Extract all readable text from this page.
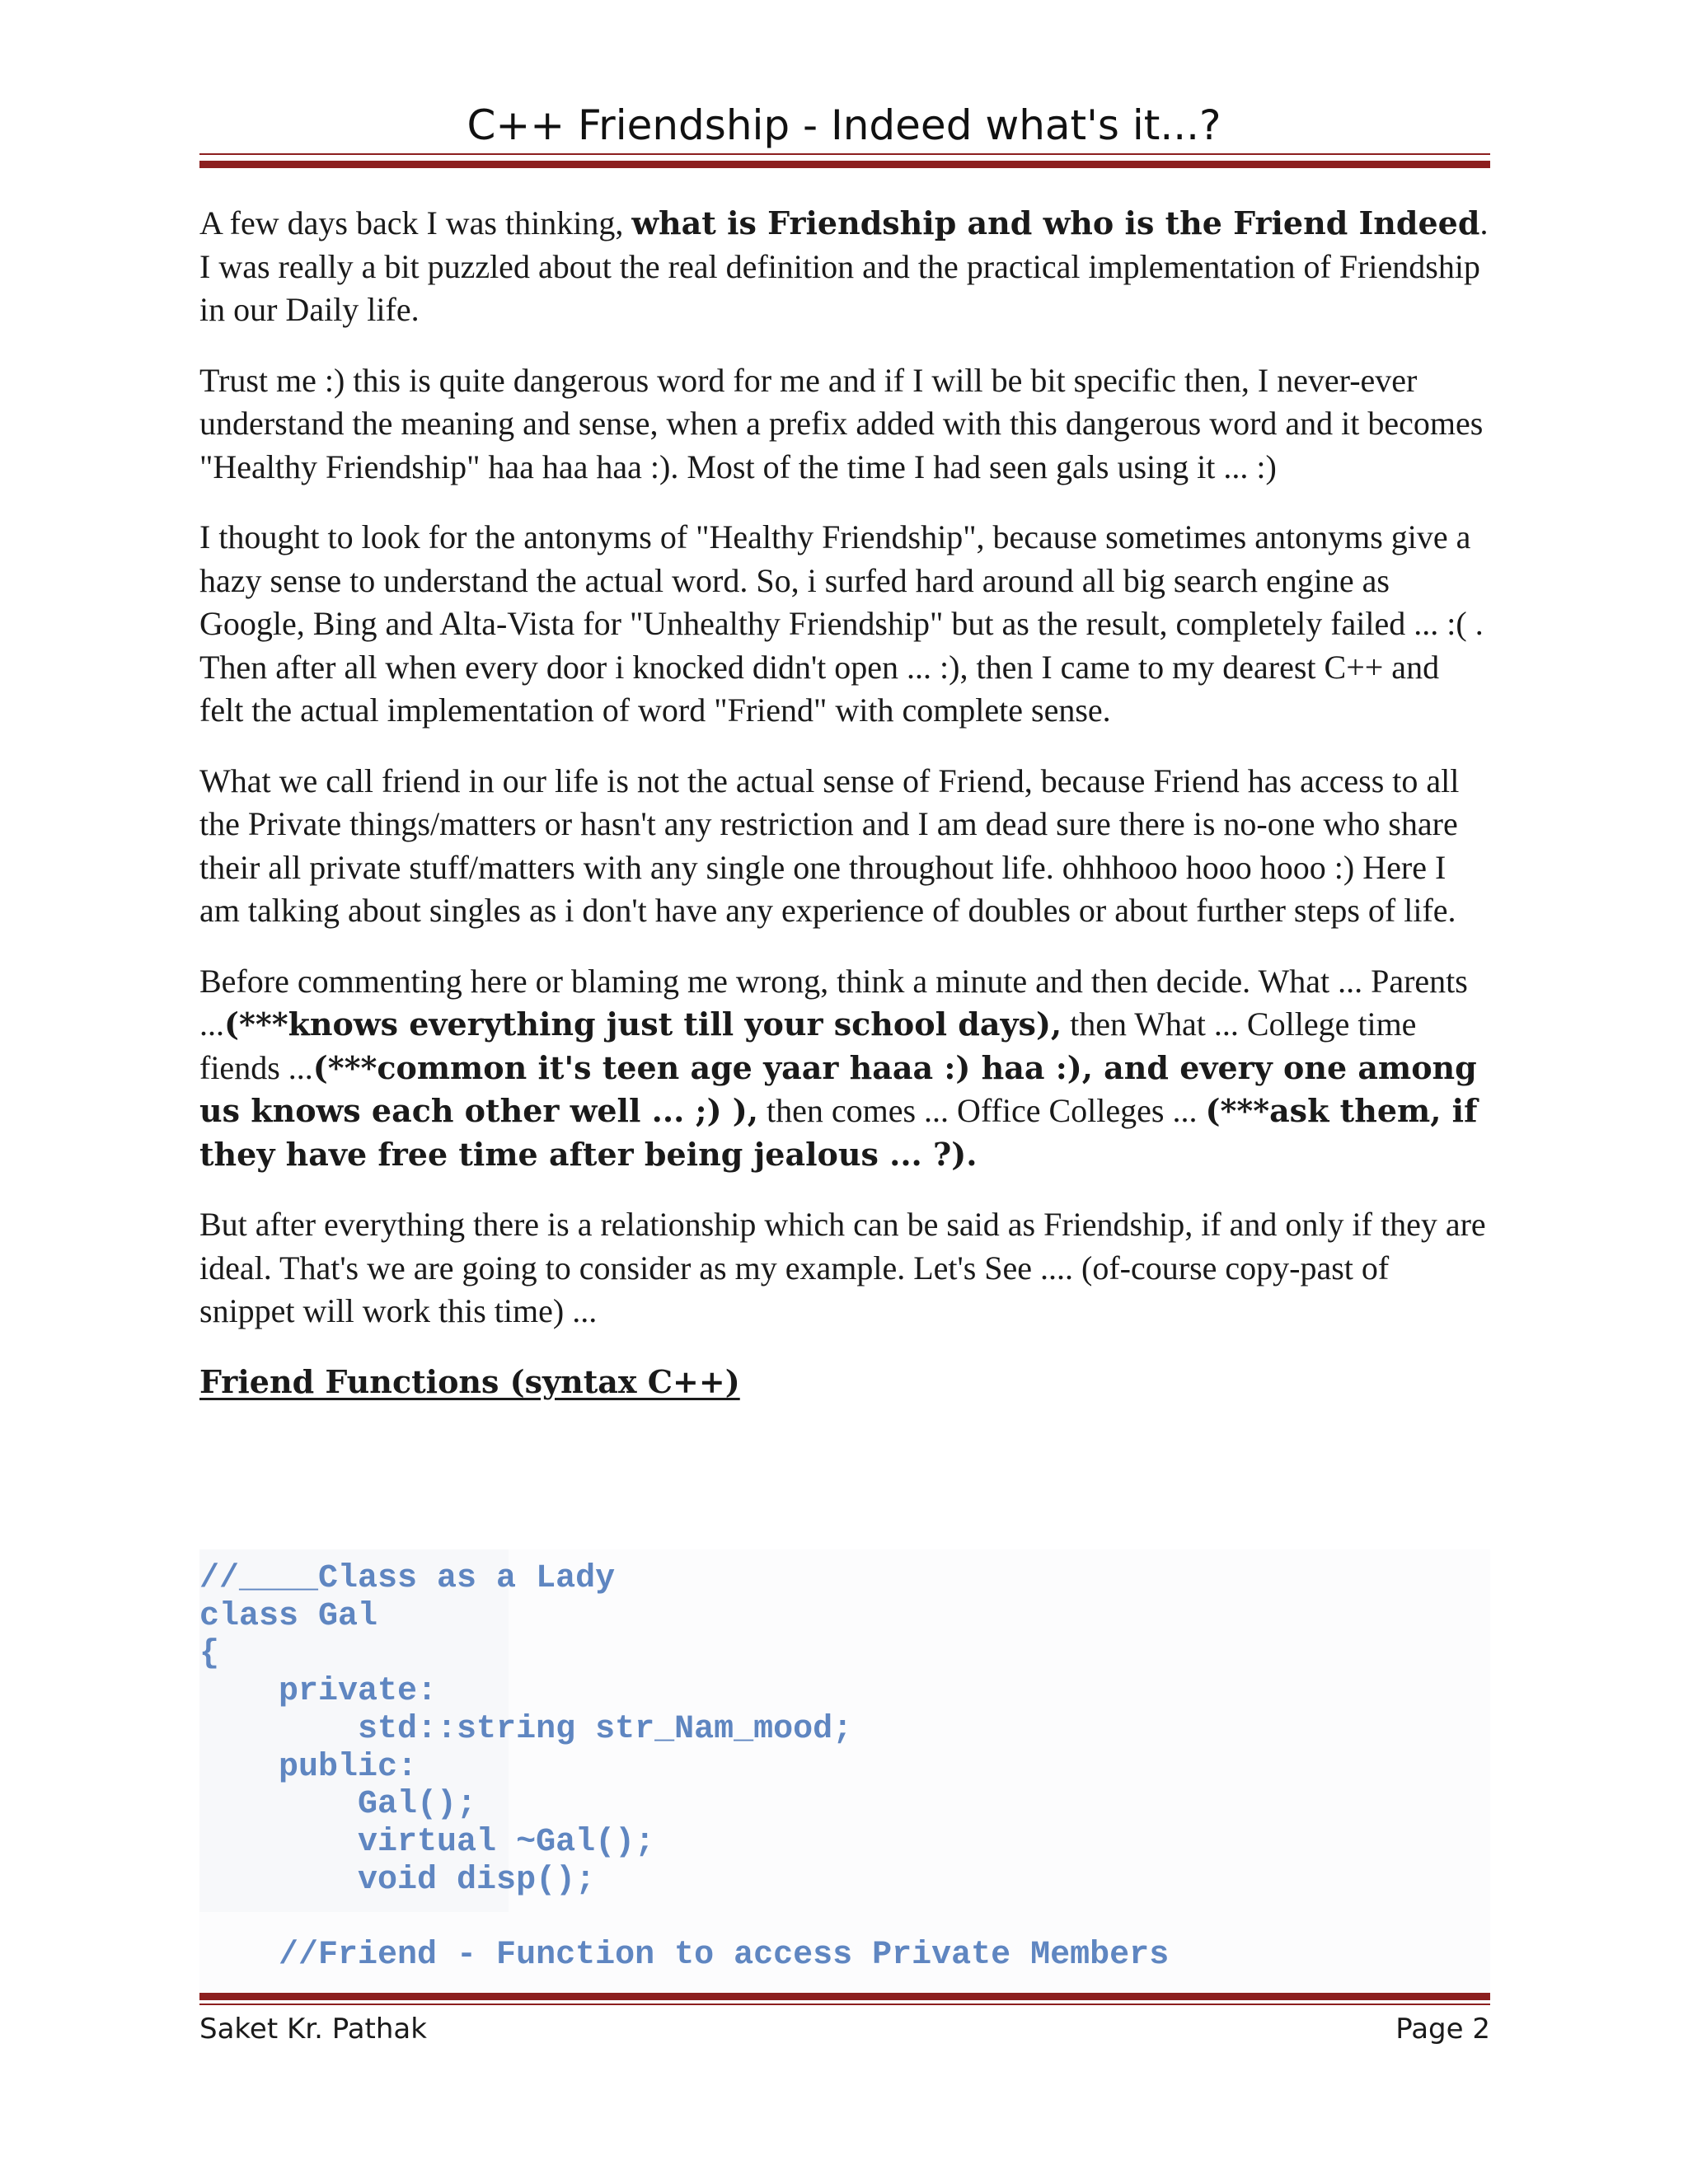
C++ Friendship - Indeed what's it...?

A few days back I was thinking, what is Friendship and who is the Friend Indeed. I was really a bit puzzled about the real definition and the practical implementation of Friendship in our Daily life.

Trust me :) this is quite dangerous word for me and if I will be bit specific then, I never-ever understand the meaning and sense, when a prefix added with this dangerous word and it becomes "Healthy Friendship" haa haa haa :). Most of the time I had seen gals using it ... :)

I thought to look for the antonyms of "Healthy Friendship", because sometimes antonyms give a hazy sense to understand the actual word. So, i surfed hard around all big search engine as Google, Bing and Alta-Vista for "Unhealthy Friendship" but as the result, completely failed ... :( . Then after all when every door i knocked didn't open ... :), then I came to my dearest C++ and felt the actual implementation of word "Friend" with complete sense.

What we call friend in our life is not the actual sense of Friend, because Friend has access to all the Private things/matters or hasn't any restriction and I am dead sure there is no-one who share their all private stuff/matters with any single one throughout life. ohhhooo hooo hooo :) Here I am talking about singles as i don't have any experience of doubles or about further steps of life.

Before commenting here or blaming me wrong, think a minute and then decide. What ... Parents ...(***knows everything just till your school days), then What ... College time fiends ...(***common it's teen age yaar haaa :) haa :), and every one among us knows each other well ... ;) ), then comes ... Office Colleges ... (***ask them, if they have free time after being jealous ... ?).

But after everything there is a relationship which can be said as Friendship, if and only if they are ideal. That's we are going to consider as my example. Let's See .... (of-course copy-past of snippet will work this time) ...

Friend Functions (syntax C++)
//____Class as a Lady
class Gal
{
private:
std::string str_Nam_mood;
public:
Gal();
virtual ~Gal();
void disp();
//Friend - Function to access Private Members
Saket Kr. Pathak	Page 2
